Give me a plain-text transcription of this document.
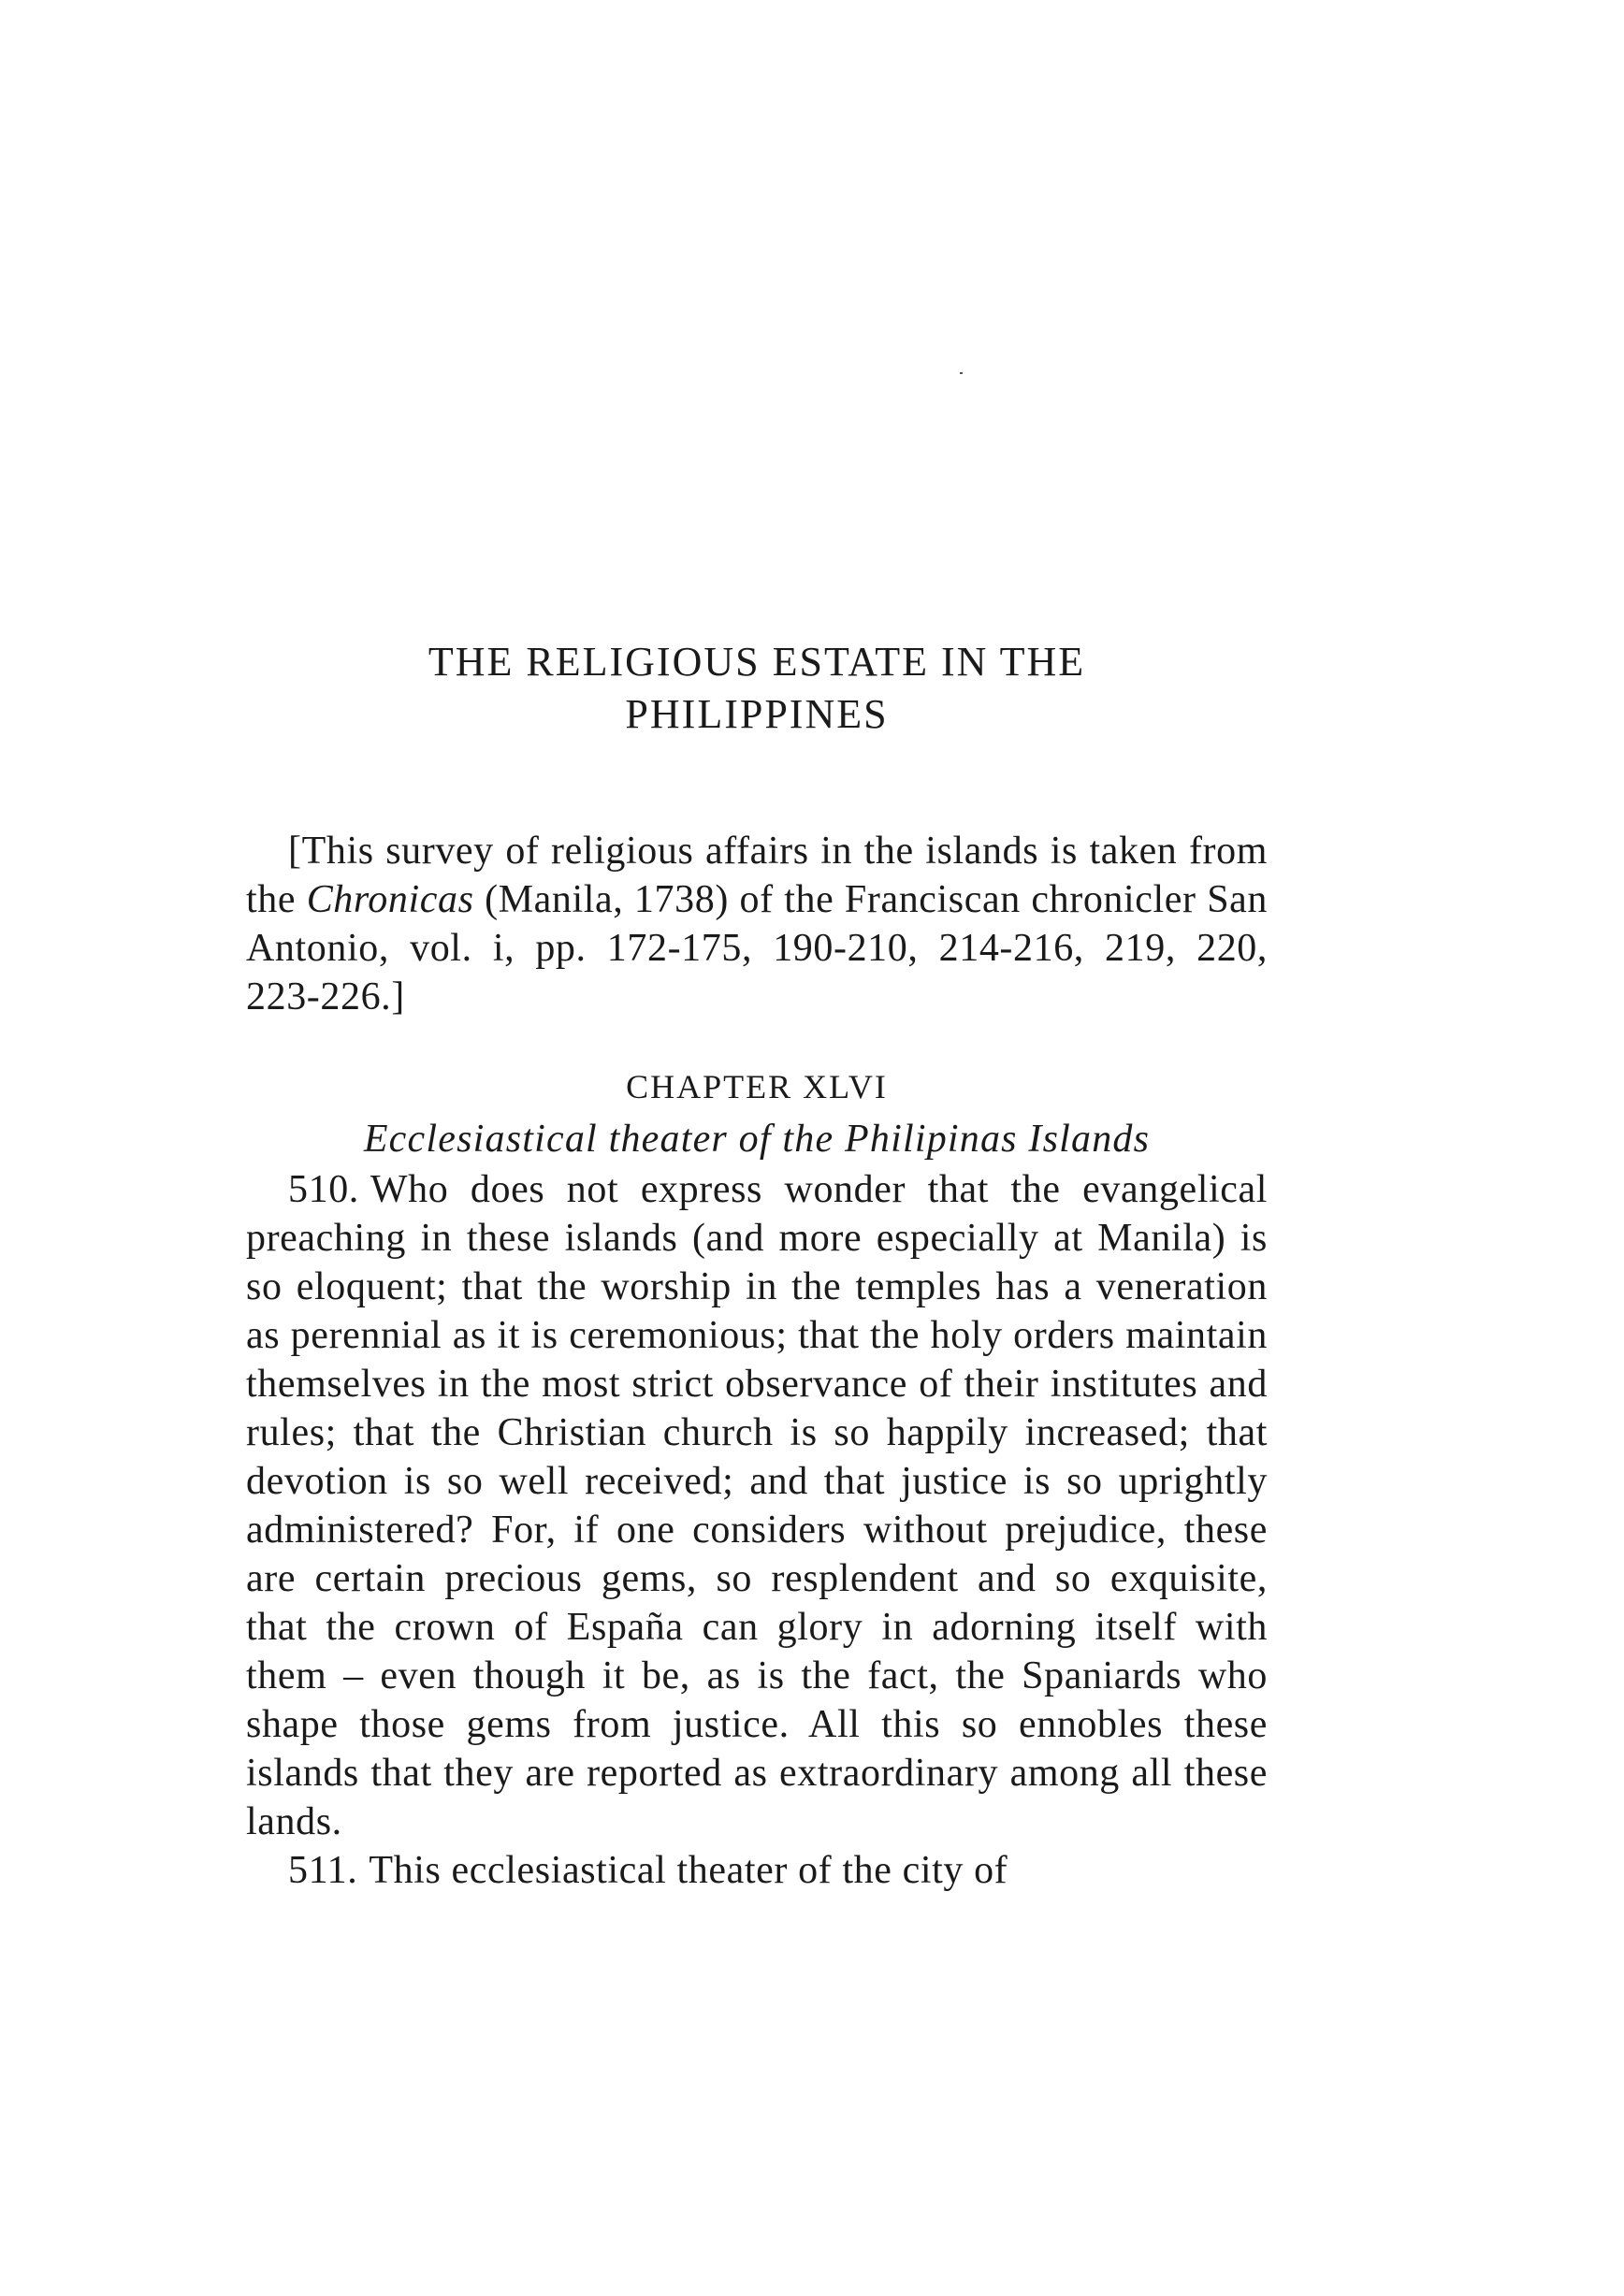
THE RELIGIOUS ESTATE IN THE
PHILIPPINES

[This survey of religious affairs in the islands is taken from the Chronicas (Manila, 1738) of the Franciscan chronicler San Antonio, vol. i, pp. 172-175, 190-210, 214-216, 219, 220, 223-226.]

CHAPTER XLVI
Ecclesiastical theater of the Philipinas Islands

510. Who does not express wonder that the evangelical preaching in these islands (and more especially at Manila) is so eloquent; that the worship in the temples has a veneration as perennial as it is ceremonious; that the holy orders maintain themselves in the most strict observance of their institutes and rules; that the Christian church is so happily increased; that devotion is so well received; and that justice is so uprightly administered? For, if one considers without prejudice, these are certain precious gems, so resplendent and so exquisite, that the crown of España can glory in adorning itself with them – even though it be, as is the fact, the Spaniards who shape those gems from justice. All this so ennobles these islands that they are reported as extraordinary among all these lands.

511. This ecclesiastical theater of the city of
